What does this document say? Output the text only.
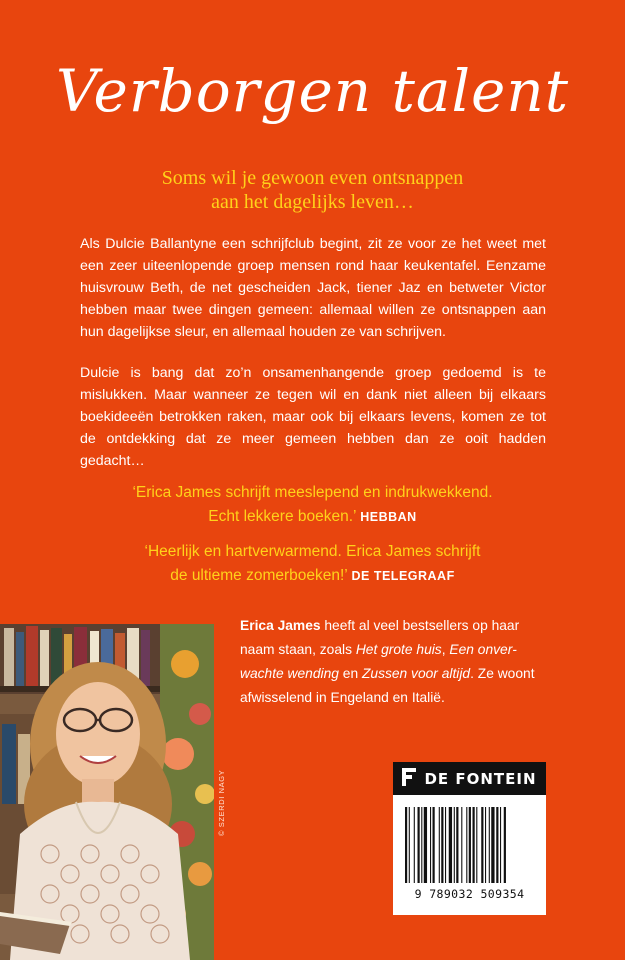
Verborgen talent
Soms wil je gewoon even ontsnappen
aan het dagelijks leven…

Als Dulcie Ballantyne een schrijfclub begint, zit ze voor ze het weet met een zeer uiteenlopende groep mensen rond haar keukentafel. Eenzame huisvrouw Beth, de net gescheiden Jack, tiener Jaz en betweter Victor hebben maar twee dingen gemeen: allemaal willen ze ontsnappen aan hun dagelijkse sleur, en allemaal houden ze van schrijven.

Dulcie is bang dat zo’n onsamenhangende groep gedoemd is te mislukken. Maar wanneer ze tegen wil en dank niet alleen bij elkaars boekideeën betrokken raken, maar ook bij elkaars levens, komen ze tot de ontdekking dat ze meer gemeen hebben dan ze ooit hadden gedacht…

‘Erica James schrijft meeslepend en indrukwekkend.
Echt lekkere boeken.’ HEBBAN
‘Heerlijk en hartverwarmend. Erica James schrijft
de ultieme zomerboeken!’ DE TELEGRAAF
© SZERDI NAGY
Erica James heeft al veel bestsellers op haar naam staan, zoals Het grote huis, Een onverwachte wending en Zussen voor altijd. Ze woont afwisselend in Engeland en Italië.
DE FONTEIN
9 789032 509354
